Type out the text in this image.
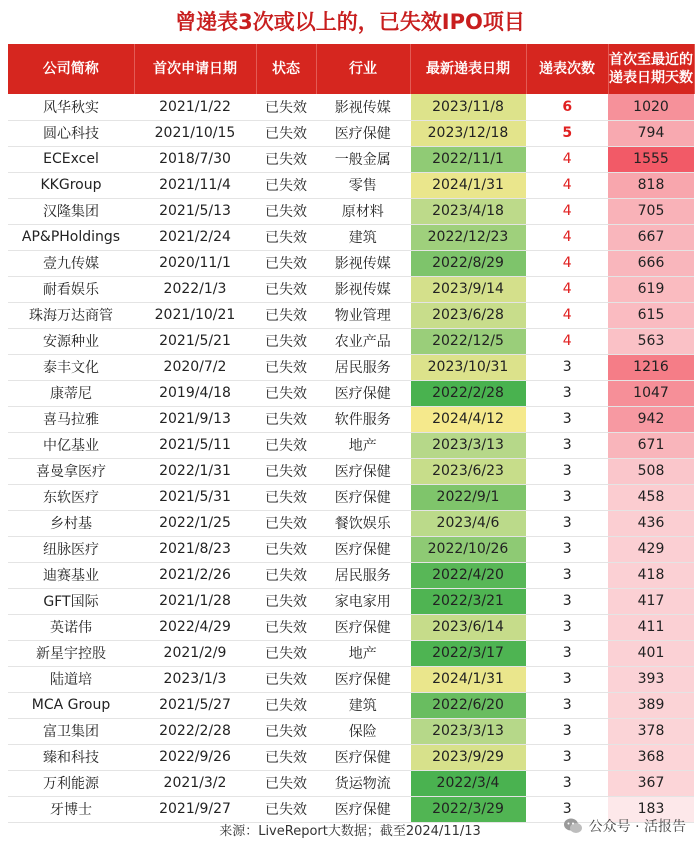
曾递表3次或以上的，已失效IPO项目
公司简称	首次申请日期	状态	行业	最新递表日期	递表次数	首次至最近的递表日期天数
风华秋实	2021/1/22	已失效	影视传媒	2023/11/8	6	1020
圆心科技	2021/10/15	已失效	医疗保健	2023/12/18	5	794
ECExcel	2018/7/30	已失效	一般金属	2022/11/1	4	1555
KKGroup	2021/11/4	已失效	零售	2024/1/31	4	818
汉隆集团	2021/5/13	已失效	原材料	2023/4/18	4	705
AP&PHoldings	2021/2/24	已失效	建筑	2022/12/23	4	667
壹九传媒	2020/11/1	已失效	影视传媒	2022/8/29	4	666
耐看娱乐	2022/1/3	已失效	影视传媒	2023/9/14	4	619
珠海万达商管	2021/10/21	已失效	物业管理	2023/6/28	4	615
安源种业	2021/5/21	已失效	农业产品	2022/12/5	4	563
泰丰文化	2020/7/2	已失效	居民服务	2023/10/31	3	1216
康蒂尼	2019/4/18	已失效	医疗保健	2022/2/28	3	1047
喜马拉雅	2021/9/13	已失效	软件服务	2024/4/12	3	942
中亿基业	2021/5/11	已失效	地产	2023/3/13	3	671
喜曼拿医疗	2022/1/31	已失效	医疗保健	2023/6/23	3	508
东软医疗	2021/5/31	已失效	医疗保健	2022/9/1	3	458
乡村基	2022/1/25	已失效	餐饮娱乐	2023/4/6	3	436
纽脉医疗	2021/8/23	已失效	医疗保健	2022/10/26	3	429
迪赛基业	2021/2/26	已失效	居民服务	2022/4/20	3	418
GFT国际	2021/1/28	已失效	家电家用	2022/3/21	3	417
英诺伟	2022/4/29	已失效	医疗保健	2023/6/14	3	411
新星宇控股	2021/2/9	已失效	地产	2022/3/17	3	401
陆道培	2023/1/3	已失效	医疗保健	2024/1/31	3	393
MCA Group	2021/5/27	已失效	建筑	2022/6/20	3	389
富卫集团	2022/2/28	已失效	保险	2023/3/13	3	378
臻和科技	2022/9/26	已失效	医疗保健	2023/9/29	3	368
万利能源	2021/3/2	已失效	货运物流	2022/3/4	3	367
牙博士	2021/9/27	已失效	医疗保健	2022/3/29	3	183
来源：LiveReport大数据；截至2024/11/13	公众号 · 活报告
